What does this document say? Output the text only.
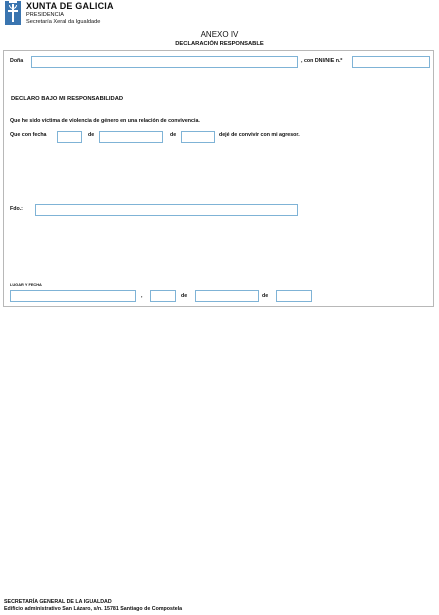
XUNTA DE GALICIA
PRESIDENCIA
Secretaría Xeral da Igualdade
ANEXO IV
DECLARACIÓN RESPONSABLE
Doña	, con DNI/NIE n.º
DECLARO BAJO MI RESPONSABILIDAD
Que he sido víctima de violencia de género en una relación de convivencia.
Que con fecha	de	de	dejé de convivir con mi agresor.
Fdo.:
LUGAR Y FECHA
,	de	de
SECRETARÍA GENERAL DE LA IGUALDAD
Edificio administrativo San Lázaro, s/n. 15781 Santiago de Compostela
